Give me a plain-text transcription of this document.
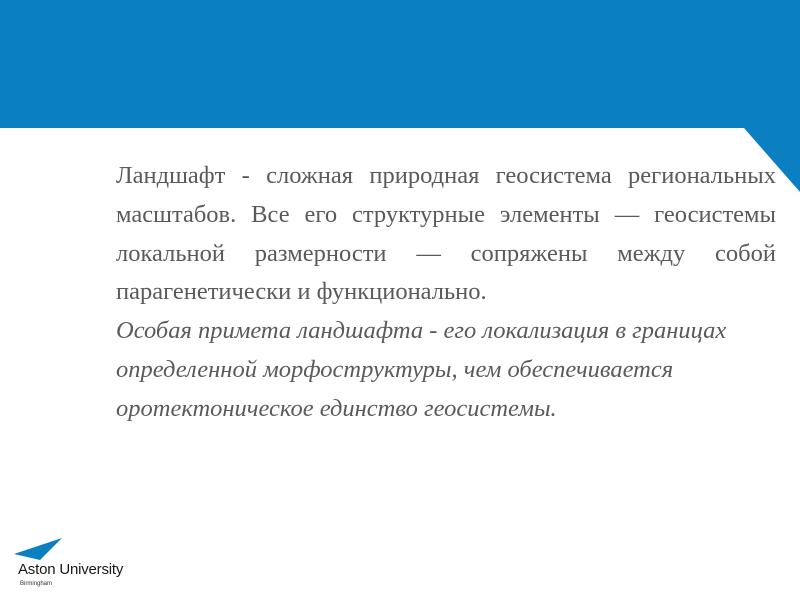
Ландшафт - сложная природная геосистема региональных масштабов. Все его структурные элементы — геосистемы локальной размерности — сопряжены между собой парагенетически и функционально.

Особая примета ландшафта - его локализация в границах определенной морфоструктуры, чем обеспечивается оротектоническое единство геосистемы.

Aston University
Birmingham
